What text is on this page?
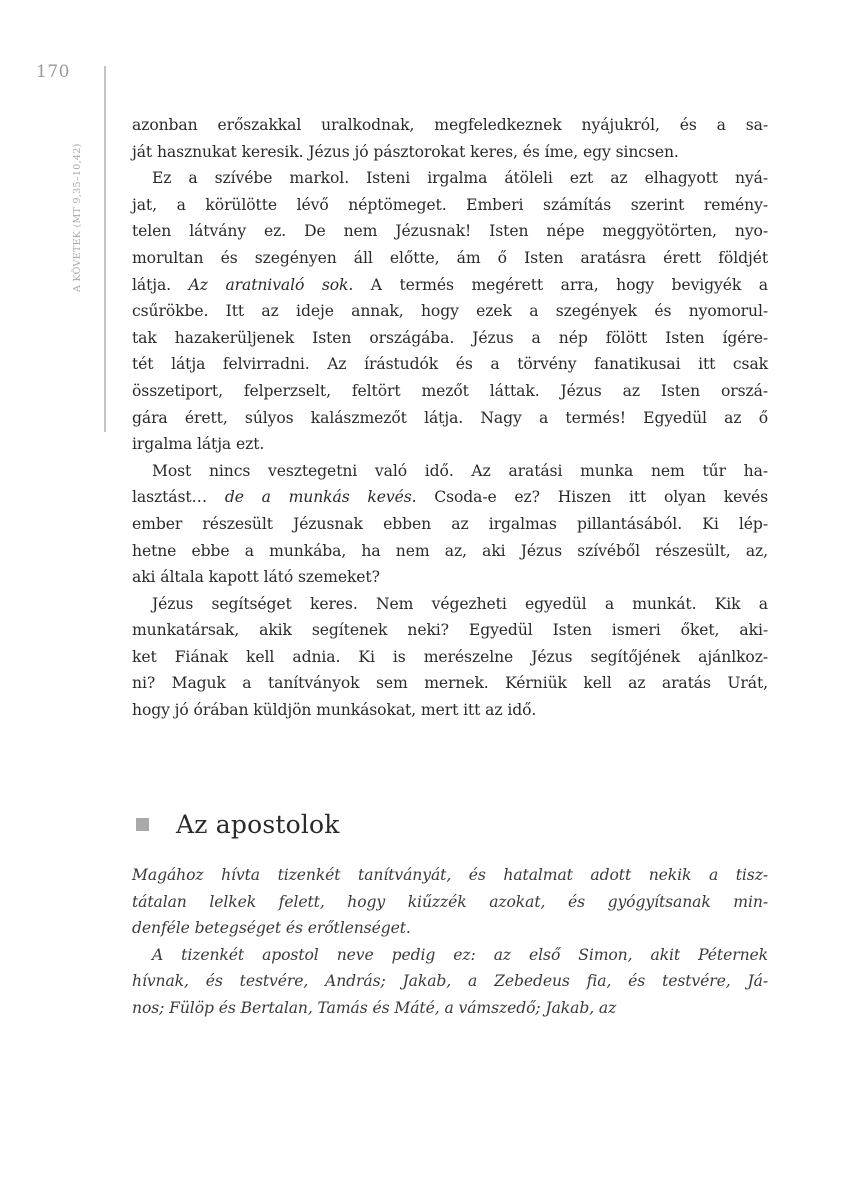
170
A KÖVETEK (MT 9,35–10,42)
azonban erőszakkal uralkodnak, megfeledkeznek nyájukról, és a sa-
ját hasznukat keresik. Jézus jó pásztorokat keres, és íme, egy sincsen.
Ez a szívébe markol. Isteni irgalma átöleli ezt az elhagyott nyá-
jat, a körülötte lévő néptömeget. Emberi számítás szerint remény-
telen látvány ez. De nem Jézusnak! Isten népe meggyötörten, nyo-
morultan és szegényen áll előtte, ám ő Isten aratásra érett földjét
látja. Az aratnivaló sok. A termés megérett arra, hogy bevigyék a
csűrökbe. Itt az ideje annak, hogy ezek a szegények és nyomorul-
tak hazakerüljenek Isten országába. Jézus a nép fölött Isten ígére-
tét látja felvirradni. Az írástudók és a törvény fanatikusai itt csak
összetiport, felperzselt, feltört mezőt láttak. Jézus az Isten orszá-
gára érett, súlyos kalászmezőt látja. Nagy a termés! Egyedül az ő
irgalma látja ezt.
Most nincs vesztegetni való idő. Az aratási munka nem tűr ha-
lasztást… de a munkás kevés. Csoda-e ez? Hiszen itt olyan kevés
ember részesült Jézusnak ebben az irgalmas pillantásából. Ki lép-
hetne ebbe a munkába, ha nem az, aki Jézus szívéből részesült, az,
aki általa kapott látó szemeket?
Jézus segítséget keres. Nem végezheti egyedül a munkát. Kik a
munkatársak, akik segítenek neki? Egyedül Isten ismeri őket, aki-
ket Fiának kell adnia. Ki is merészelne Jézus segítőjének ajánlkoz-
ni? Maguk a tanítványok sem mernek. Kérniük kell az aratás Urát,
hogy jó órában küldjön munkásokat, mert itt az idő.
Az apostolok
Magához hívta tizenkét tanítványát, és hatalmat adott nekik a tisz-
tátalan lelkek felett, hogy kiűzzék azokat, és gyógyítsanak min-
denféle betegséget és erőtlenséget.
A tizenkét apostol neve pedig ez: az első Simon, akit Péternek
hívnak, és testvére, András; Jakab, a Zebedeus fia, és testvére, Já-
nos; Fülöp és Bertalan, Tamás és Máté, a vámszedő; Jakab, az
